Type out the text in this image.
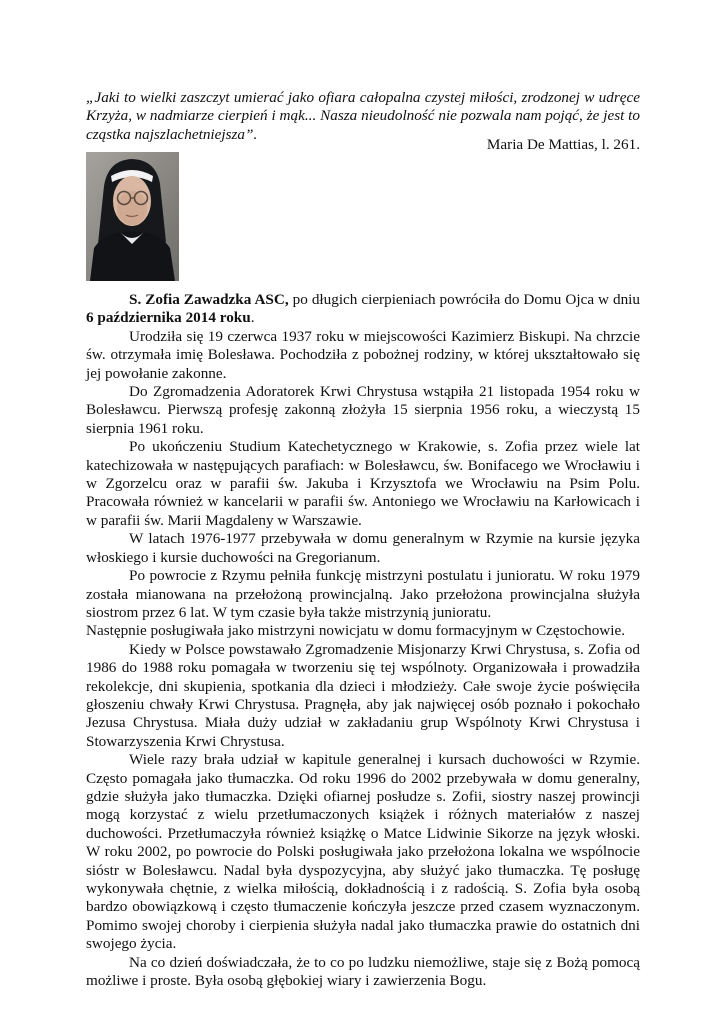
„Jaki to wielki zaszczyt umierać jako ofiara całopalna czystej miłości, zrodzonej w udręce Krzyża, w nadmiarze cierpień i mąk... Nasza nieudolność nie pozwala nam pojąć, że jest to cząstka najszlachetniejsza”.

Maria De Mattias, l. 261.

S. Zofia Zawadzka ASC, po długich cierpieniach powróciła do Domu Ojca w dniu 6 października 2014 roku.

Urodziła się 19 czerwca 1937 roku w miejscowości Kazimierz Biskupi. Na chrzcie św. otrzymała imię Bolesława. Pochodziła z pobożnej rodziny, w której ukształtowało się jej powołanie zakonne.

Do Zgromadzenia Adoratorek Krwi Chrystusa wstąpiła 21 listopada 1954 roku w Bolesławcu. Pierwszą profesję zakonną złożyła 15 sierpnia 1956 roku, a wieczystą 15 sierpnia 1961 roku.

Po ukończeniu Studium Katechetycznego w Krakowie, s. Zofia przez wiele lat katechizowała w następujących parafiach: w Bolesławcu, św. Bonifacego we Wrocławiu i w Zgorzelcu oraz w parafii św. Jakuba i Krzysztofa we Wrocławiu na Psim Polu. Pracowała również w kancelarii w parafii św. Antoniego we Wrocławiu na Karłowicach i w parafii św. Marii Magdaleny w Warszawie.

W latach 1976-1977 przebywała w domu generalnym w Rzymie na kursie języka włoskiego i kursie duchowości na Gregorianum.

Po powrocie z Rzymu pełniła funkcję mistrzyni postulatu i junioratu. W roku 1979 została mianowana na przełożoną prowincjalną. Jako przełożona prowincjalna służyła siostrom przez 6 lat. W tym czasie była także mistrzynią junioratu.

Następnie posługiwała jako mistrzyni nowicjatu w domu formacyjnym w Częstochowie.

Kiedy w Polsce powstawało Zgromadzenie Misjonarzy Krwi Chrystusa, s. Zofia od 1986 do 1988 roku pomagała w tworzeniu się tej wspólnoty. Organizowała i prowadziła rekolekcje, dni skupienia, spotkania dla dzieci i młodzieży. Całe swoje życie poświęciła głoszeniu chwały Krwi Chrystusa. Pragnęła, aby jak najwięcej osób poznało i pokochało Jezusa Chrystusa. Miała duży udział w zakładaniu grup Wspólnoty Krwi Chrystusa i Stowarzyszenia Krwi Chrystusa.

Wiele razy brała udział w kapitule generalnej i kursach duchowości w Rzymie. Często pomagała jako tłumaczka. Od roku 1996 do 2002 przebywała w domu generalny, gdzie służyła jako tłumaczka. Dzięki ofiarnej posłudze s. Zofii, siostry naszej prowincji mogą korzystać z wielu przetłumaczonych książek i różnych materiałów z naszej duchowości. Przetłumaczyła również książkę o Matce Lidwinie Sikorze na język włoski. W roku 2002, po powrocie do Polski posługiwała jako przełożona lokalna we wspólnocie sióstr w Bolesławcu. Nadal była dyspozycyjna, aby służyć jako tłumaczka. Tę posługę wykonywała chętnie, z wielka miłością, dokładnością i z radością. S. Zofia była osobą bardzo obowiązkową i często tłumaczenie kończyła jeszcze przed czasem wyznaczonym. Pomimo swojej choroby i cierpienia służyła nadal jako tłumaczka prawie do ostatnich dni swojego życia.

Na co dzień doświadczała, że to co po ludzku niemożliwe, staje się z Bożą pomocą możliwe i proste. Była osobą głębokiej wiary i zawierzenia Bogu.
